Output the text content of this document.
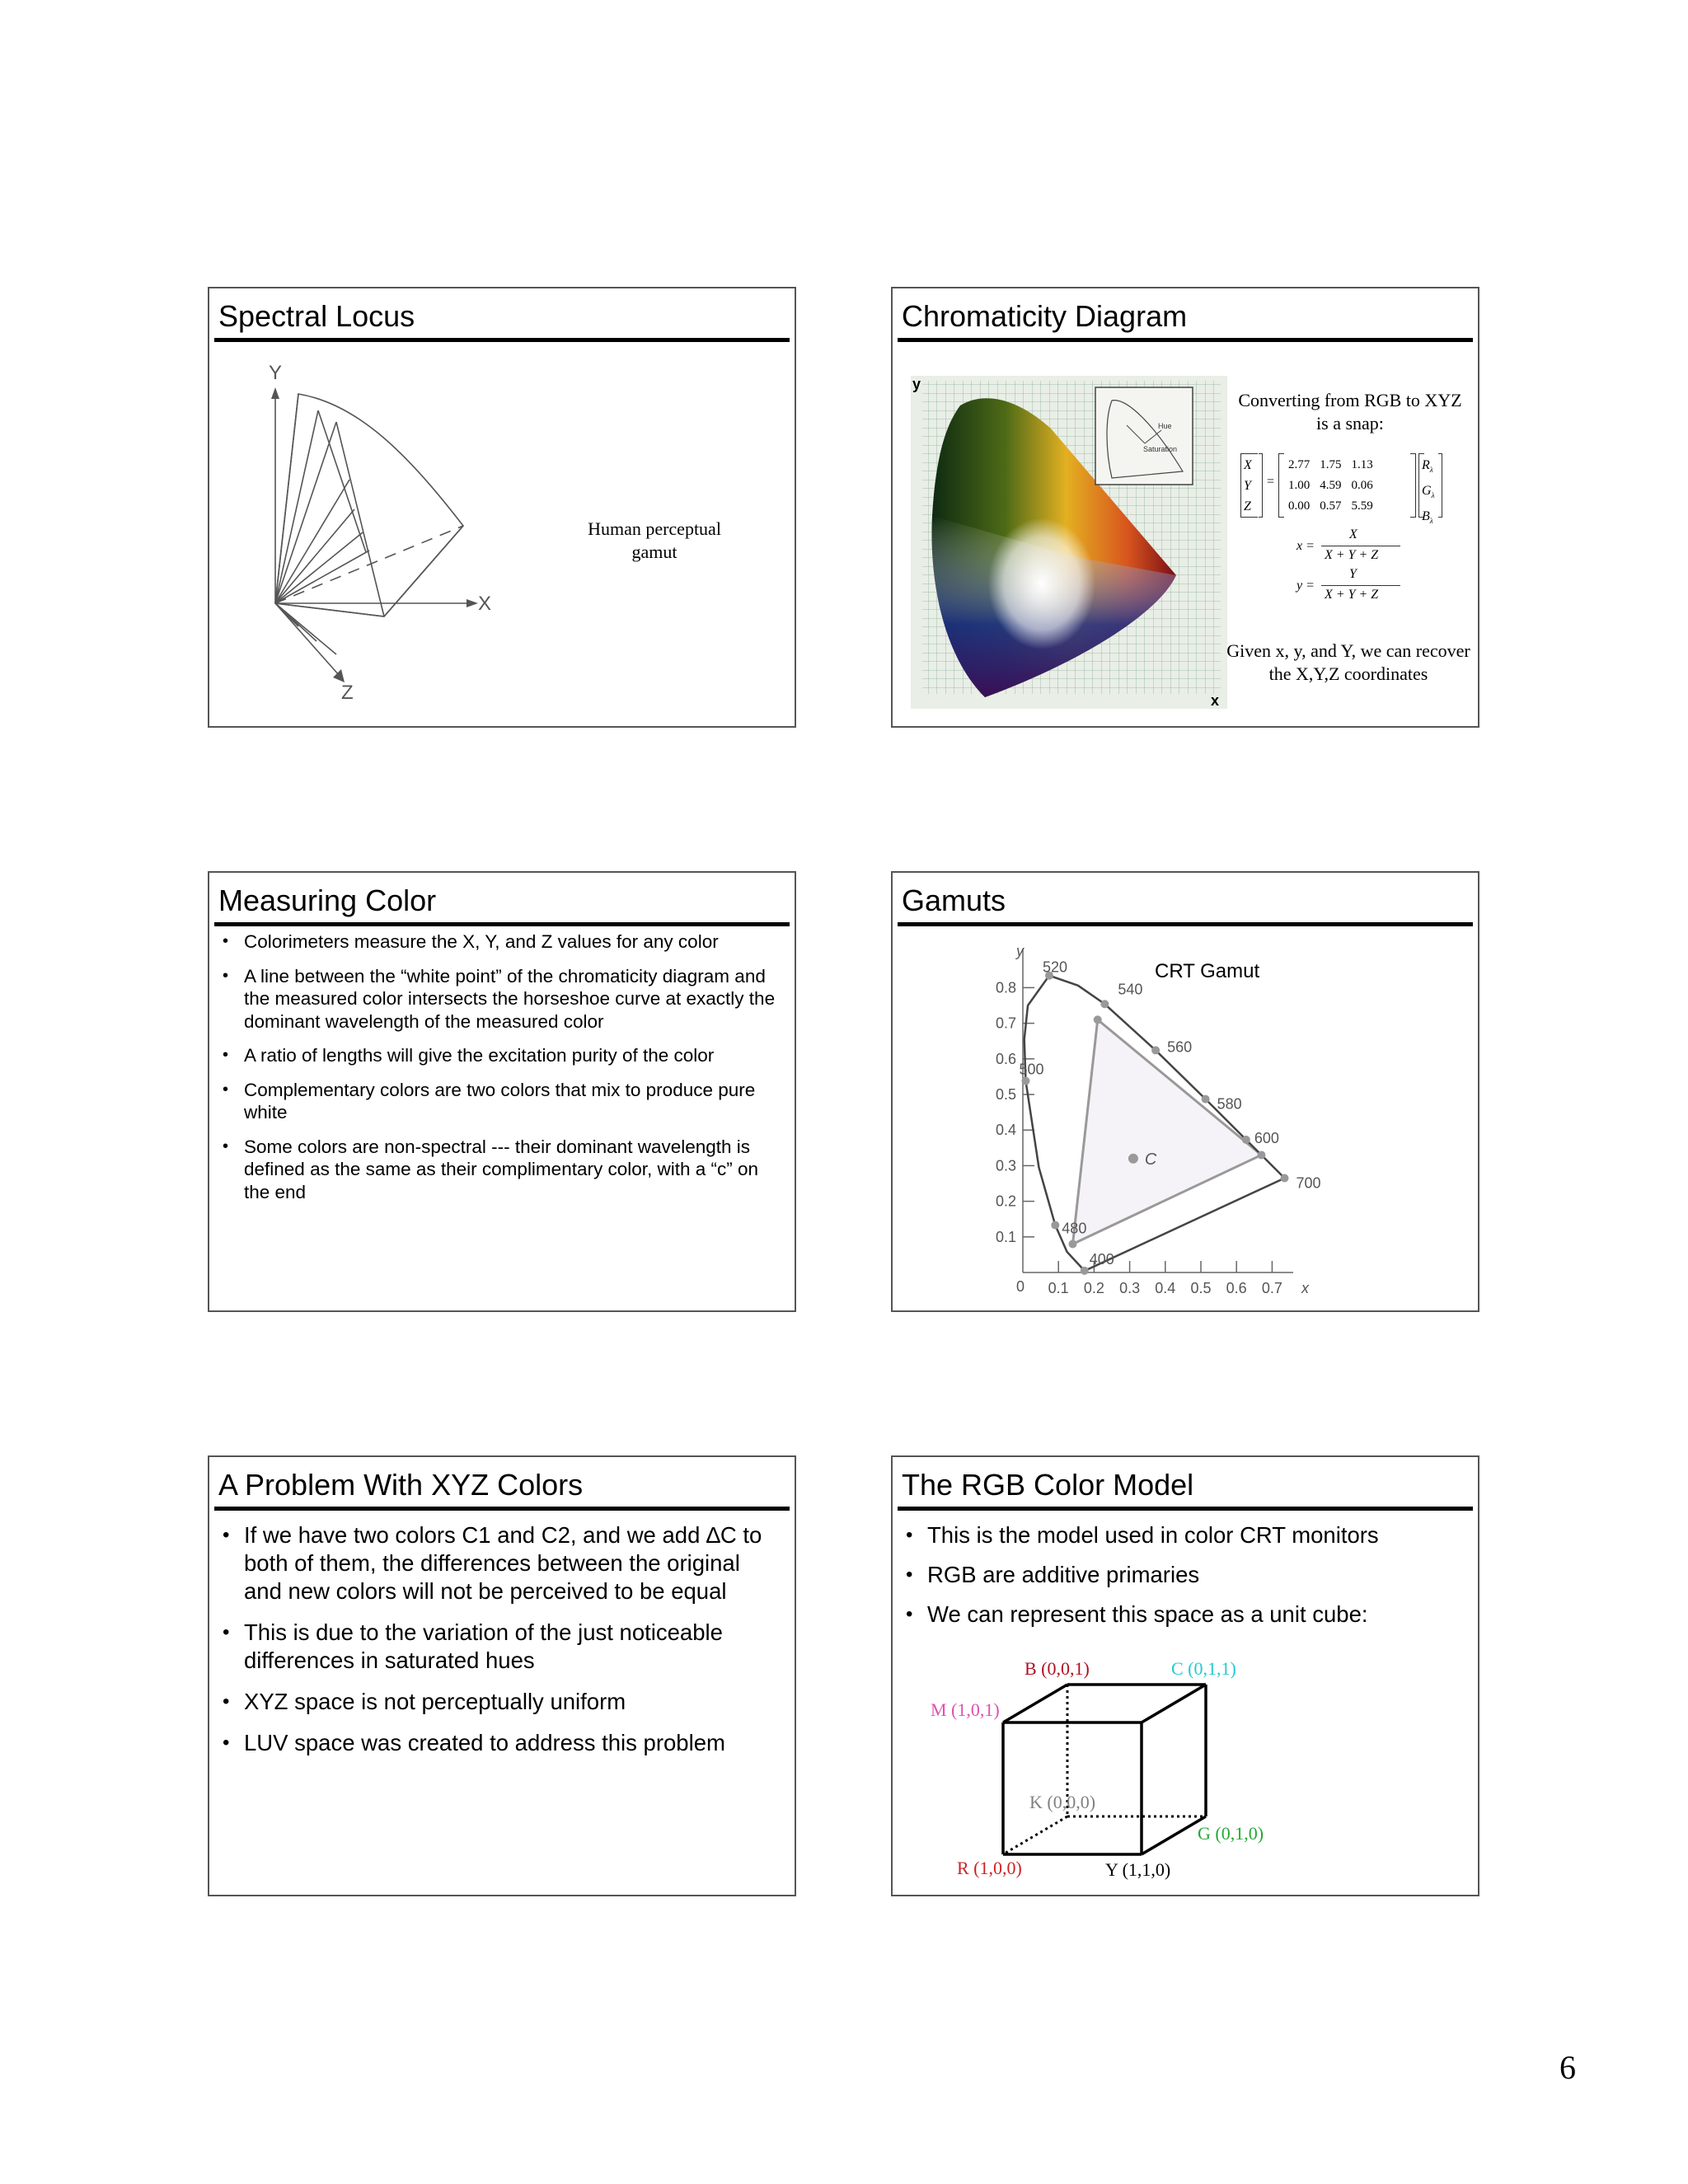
Spectral Locus
Y
X
Z
Human perceptual gamut
Chromaticity Diagram
Hue
Saturation
y
x
Converting from RGB to XYZ is a snap:
X
Y
Z
=
2.77	1.75	1.13
1.00	4.59	0.06
0.00	0.57	5.59
$R_\lambda$
$G_\lambda$
$B_\lambda$
x =
X
X + Y + Z
y =
Y
X + Y + Z
Given x, y, and Y, we can recover the X,Y,Z coordinates
Measuring Color
• Colorimeters measure the X, Y, and Z values for any color
• A line between the “white point” of the chromaticity diagram and the measured color intersects the horseshoe curve at exactly the dominant wavelength of the measured color
• A ratio of lengths will give the excitation purity of the color
• Complementary colors are two colors that mix to produce pure white
• Some colors are non-spectral --- their dominant wavelength is defined as the same as their complimentary color, with a “c” on the end
Gamuts
0.1 0.2 0.3 0.4 0.5 0.6 0.7
0.1
0.2
0.3
0.4
0.5
0.6
0.7
0.8
520
540
560
580
600
700
500
480
400
C
CRT Gamut
y
x
0
A Problem With XYZ Colors
• If we have two colors C1 and C2, and we add ∆C to both of them, the differences between the original and new colors will not be perceived to be equal
• This is due to the variation of the just noticeable differences in saturated hues
• XYZ space is not perceptually uniform
• LUV space was created to address this problem
The RGB Color Model
• This is the model used in color CRT monitors
• RGB are additive primaries
• We can represent this space as a unit cube:
B (0,0,1)	C (0,1,1)
M (1,0,1)
K (0,0,0)
G (0,1,0)
R (1,0,0)	Y (1,1,0)
6
